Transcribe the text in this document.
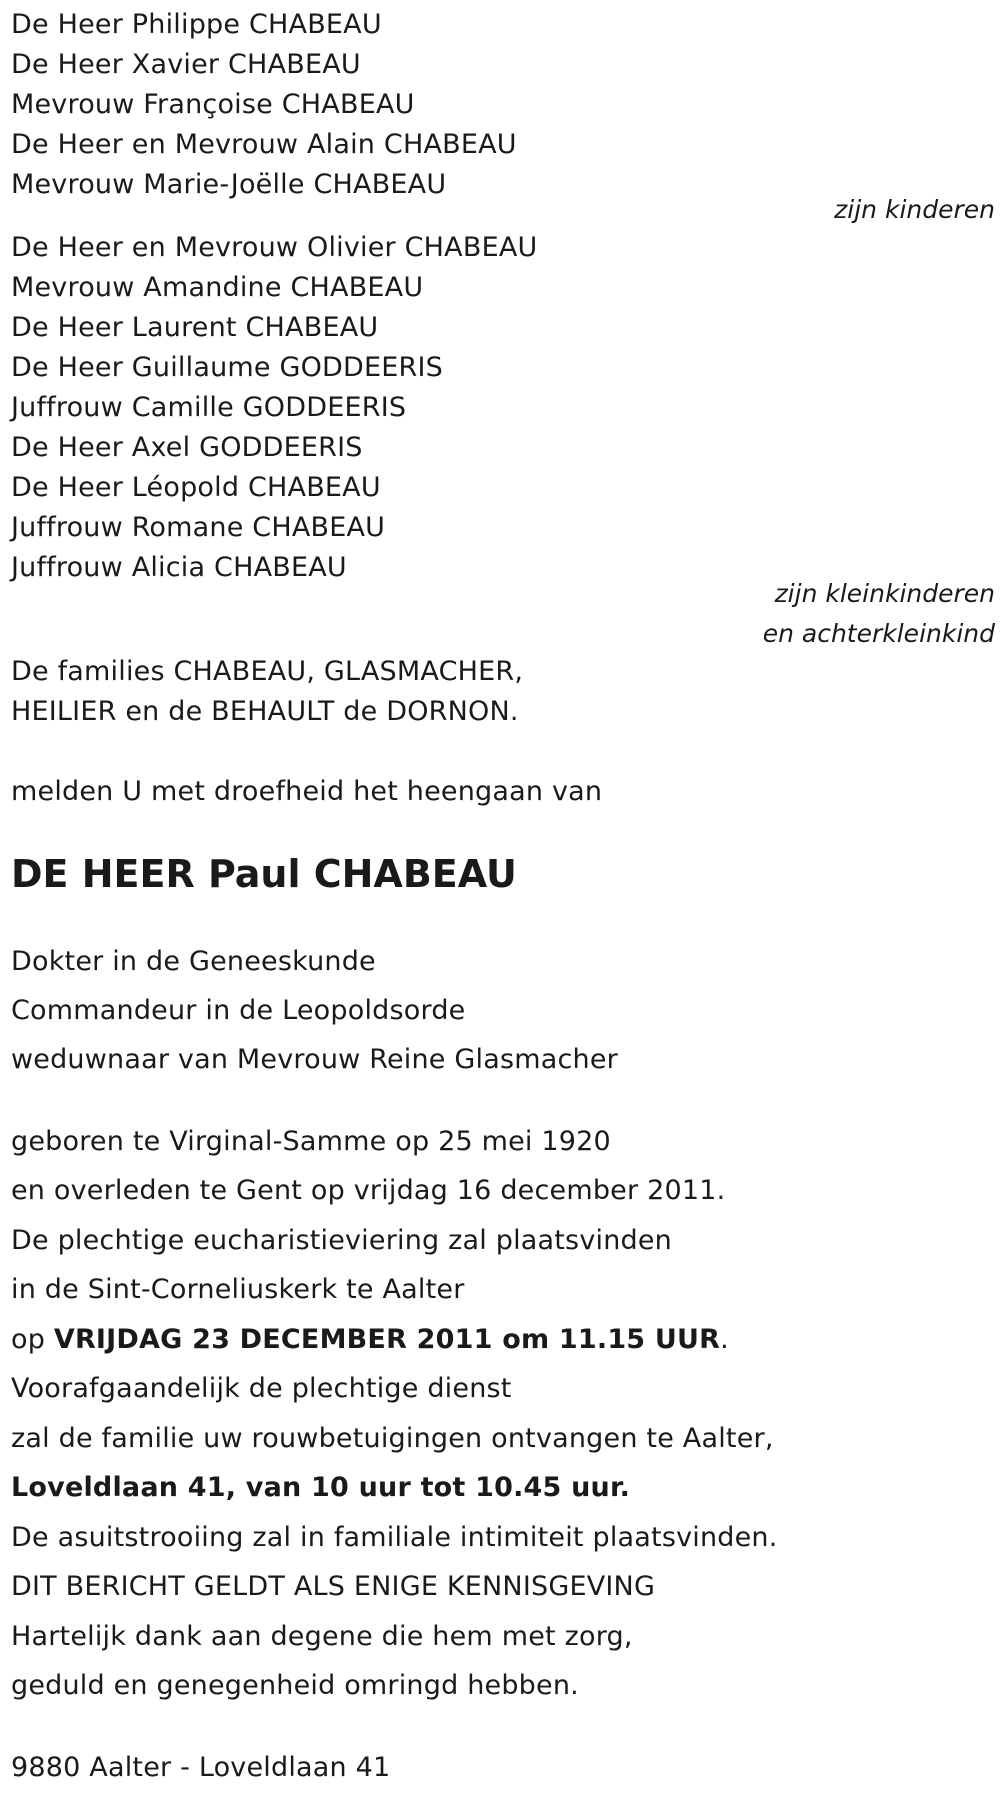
De Heer Philippe CHABEAU
De Heer Xavier CHABEAU
Mevrouw Françoise CHABEAU
De Heer en Mevrouw Alain CHABEAU
Mevrouw Marie-Joëlle CHABEAU
zijn kinderen
De Heer en Mevrouw Olivier CHABEAU
Mevrouw Amandine CHABEAU
De Heer Laurent CHABEAU
De Heer Guillaume GODDEERIS
Juffrouw Camille GODDEERIS
De Heer Axel GODDEERIS
De Heer Léopold CHABEAU
Juffrouw Romane CHABEAU
Juffrouw Alicia CHABEAU
zijn kleinkinderen
en achterkleinkind
De families CHABEAU, GLASMACHER,
HEILIER en de BEHAULT de DORNON.
melden U met droefheid het heengaan van
DE HEER Paul CHABEAU
Dokter in de Geneeskunde
Commandeur in de Leopoldsorde
weduwnaar van Mevrouw Reine Glasmacher
geboren te Virginal-Samme op 25 mei 1920
en overleden te Gent op vrijdag 16 december 2011.
De plechtige eucharistieviering zal plaatsvinden
in de Sint-Corneliuskerk te Aalter
op VRIJDAG 23 DECEMBER 2011 om 11.15 UUR.
Voorafgaandelijk de plechtige dienst
zal de familie uw rouwbetuigingen ontvangen te Aalter,
Loveldlaan 41, van 10 uur tot 10.45 uur.
De asuitstrooiing zal in familiale intimiteit plaatsvinden.
DIT BERICHT GELDT ALS ENIGE KENNISGEVING
Hartelijk dank aan degene die hem met zorg,
geduld en genegenheid omringd hebben.
9880 Aalter - Loveldlaan 41
